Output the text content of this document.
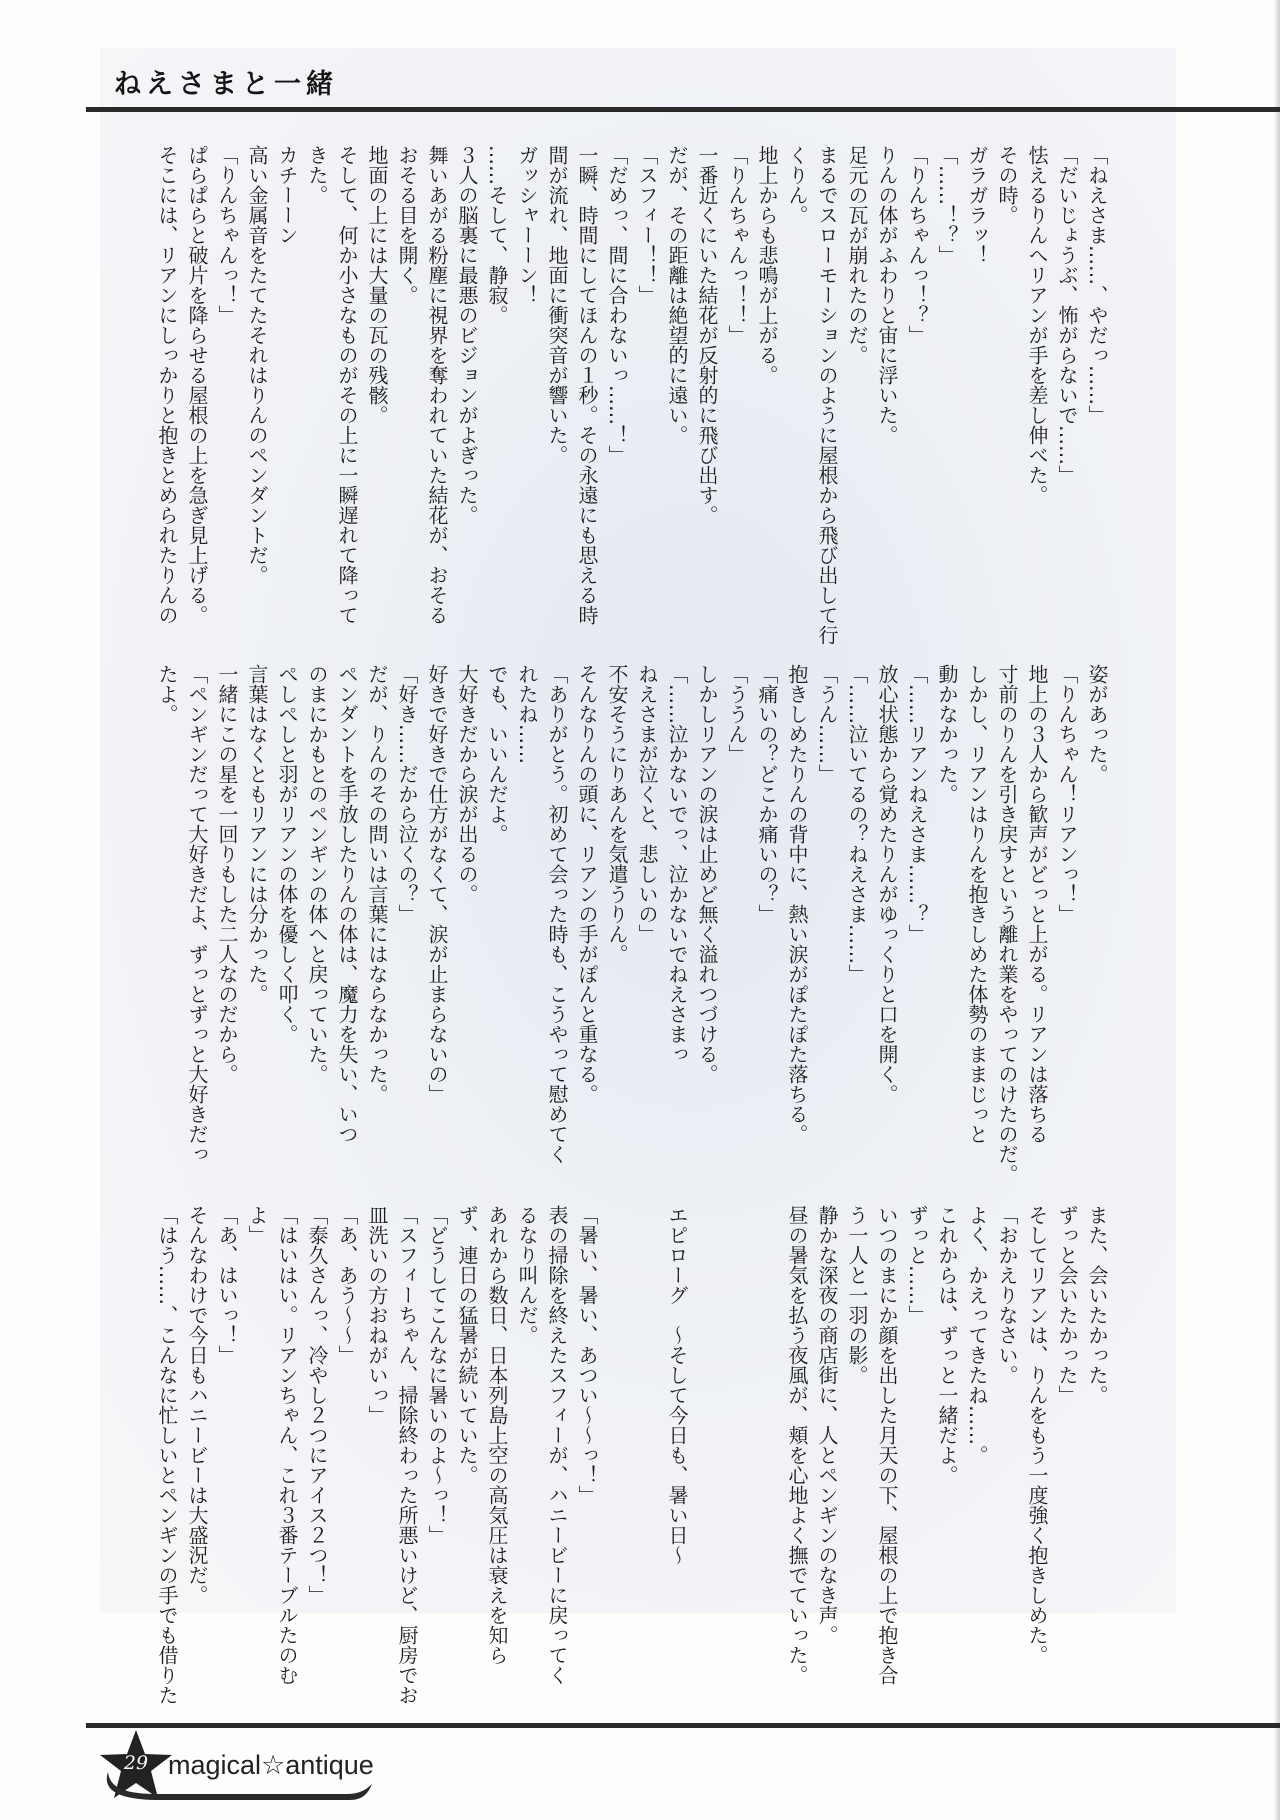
ねえさまと一緒

「ねえさま……、やだっ……」

「だいじょうぶ、怖がらないで……」

怯えるりんへリアンが手を差し伸べた。

その時。

ガラガラッ！

「……！？」

「りんちゃんっ！？」

りんの体がふわりと宙に浮いた。

足元の瓦が崩れたのだ。

まるでスローモーションのように屋根から飛び出して行

くりん。

地上からも悲鳴が上がる。

「りんちゃんっ！！」

一番近くにいた結花が反射的に飛び出す。

だが、その距離は絶望的に遠い。

「スフィー！！」

「だめっ、間に合わないっ……！」

一瞬、時間にしてほんの１秒。その永遠にも思える時

間が流れ、地面に衝突音が響いた。

ガッシャーーン！

……そして、静寂。

３人の脳裏に最悪のビジョンがよぎった。

舞いあがる粉塵に視界を奪われていた結花が、おそる

おそる目を開く。

地面の上には大量の瓦の残骸。

そして、何か小さなものがその上に一瞬遅れて降って

きた。

カチーーン

高い金属音をたてたそれはりんのペンダントだ。

「りんちゃんっ！」

ぱらぱらと破片を降らせる屋根の上を急ぎ見上げる。

そこには、リアンにしっかりと抱きとめられたりんの

姿があった。

「りんちゃん！リアンっ！」

地上の３人から歓声がどっと上がる。リアンは落ちる

寸前のりんを引き戻すという離れ業をやってのけたのだ。

しかし、リアンはりんを抱きしめた体勢のままじっと

動かなかった。

「……リアンねえさま……？」

放心状態から覚めたりんがゆっくりと口を開く。

「……泣いてるの？ねえさま……」

「うん……」

抱きしめたりんの背中に、熱い涙がぽたぽた落ちる。

「痛いの？どこか痛いの？」

「ううん」

しかしリアンの涙は止めど無く溢れつづける。

「……泣かないでっ、泣かないでねえさまっ

ねえさまが泣くと、悲しいの」

不安そうにりあんを気遣うりん。

そんなりんの頭に、リアンの手がぽんと重なる。

「ありがとう。初めて会った時も、こうやって慰めてく

れたね……

でも、いいんだよ。

大好きだから涙が出るの。

好きで好きで仕方がなくて、涙が止まらないの」

「好き……だから泣くの？」

だが、りんのその問いは言葉にはならなかった。

ペンダントを手放したりんの体は、魔力を失い、いつ

のまにかもとのペンギンの体へと戻っていた。

ぺしぺしと羽がリアンの体を優しく叩く。

言葉はなくともリアンには分かった。

一緒にこの星を一回りもした二人なのだから。

「ペンギンだって大好きだよ、ずっとずっと大好きだっ

たよ。

また、会いたかった。

ずっと会いたかった」

そしてリアンは、りんをもう一度強く抱きしめた。

「おかえりなさい。

よく、かえってきたね……。

これからは、ずっと一緒だよ。

ずっと……」

いつのまにか顔を出した月天の下、屋根の上で抱き合

う一人と一羽の影。

静かな深夜の商店街に、人とペンギンのなき声。

昼の暑気を払う夜風が、頬を心地よく撫でていった。

エピローグ　〜そして今日も、暑い日〜

「暑い、暑い、あつい〜〜っ！」

表の掃除を終えたスフィーが、ハニービーに戻ってく

るなり叫んだ。

あれから数日、日本列島上空の高気圧は衰えを知ら

ず、連日の猛暑が続いていた。

「どうしてこんなに暑いのよ〜っ！」

「スフィーちゃん、掃除終わった所悪いけど、厨房でお

皿洗いの方おねがいっ」

「あ、あう〜〜」

「泰久さんっ、冷やし２つにアイス２つ！」

「はいはい。リアンちゃん、これ３番テーブルたのむ

よ」

「あ、はいっ！」

そんなわけで今日もハニービーは大盛況だ。

「はう……、こんなに忙しいとペンギンの手でも借りた

29 magical☆antique
